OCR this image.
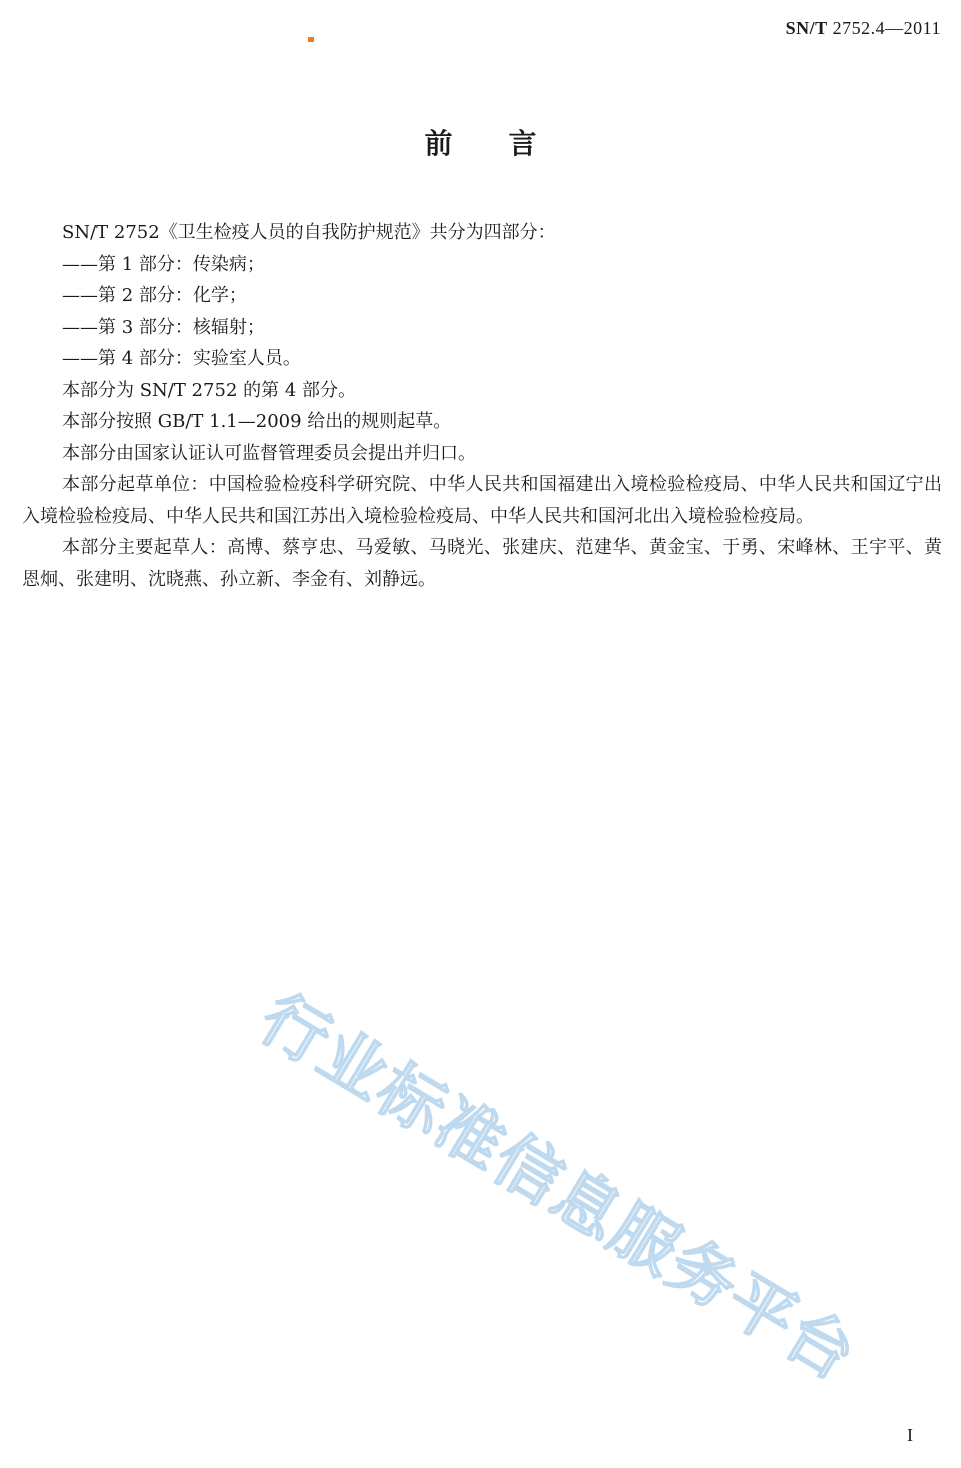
SN/T 2752.4—2011
前言

SN/T 2752《卫生检疫人员的自我防护规范》共分为四部分：

——第 1 部分：传染病；

——第 2 部分：化学；

——第 3 部分：核辐射；

——第 4 部分：实验室人员。

本部分为 SN/T 2752 的第 4 部分。

本部分按照 GB/T 1.1—2009 给出的规则起草。

本部分由国家认证认可监督管理委员会提出并归口。

本部分起草单位：中国检验检疫科学研究院、中华人民共和国福建出入境检验检疫局、中华人民共和国辽宁出入境检验检疫局、中华人民共和国江苏出入境检验检疫局、中华人民共和国河北出入境检验检疫局。

本部分主要起草人：高博、蔡亨忠、马爱敏、马晓光、张建庆、范建华、黄金宝、于勇、宋峰林、王宇平、黄恩炯、张建明、沈晓燕、孙立新、李金有、刘静远。

行业标准信息服务平台
I
